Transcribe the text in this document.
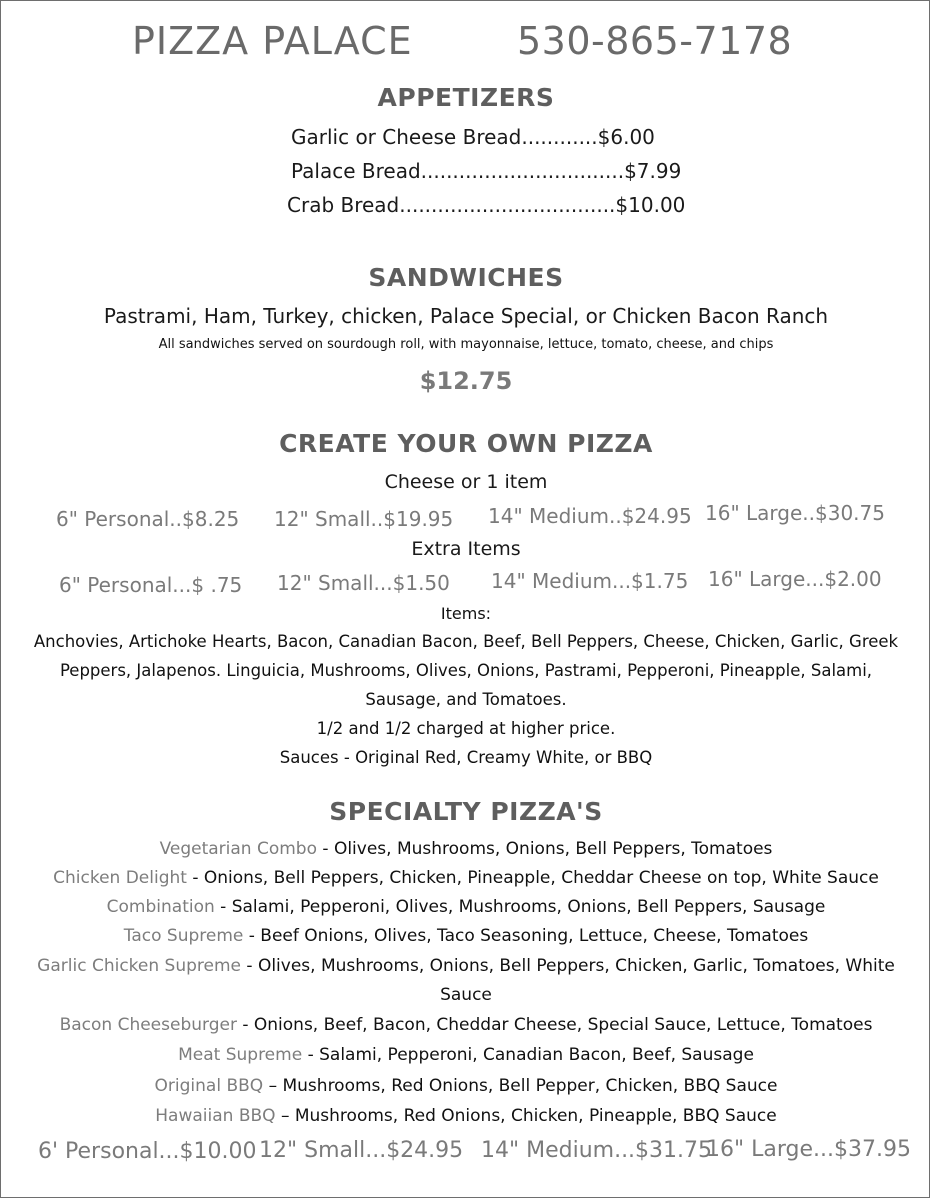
PIZZA PALACE	530-865-7178
APPETIZERS
Garlic or Cheese Bread............$6.00
Palace Bread................................$7.99
Crab Bread..................................$10.00
SANDWICHES
Pastrami, Ham, Turkey, chicken, Palace Special, or Chicken Bacon Ranch
All sandwiches served on sourdough roll, with mayonnaise, lettuce, tomato, cheese, and chips
$12.75
CREATE YOUR OWN PIZZA
Cheese or 1 item
6" Personal..$8.25 12" Small..$19.95 14" Medium..$24.95 16" Large..$30.75
Extra Items
6" Personal...$ .75 12" Small...$1.50 14" Medium...$1.75 16" Large...$2.00
Items:
Anchovies, Artichoke Hearts, Bacon, Canadian Bacon, Beef, Bell Peppers, Cheese, Chicken, Garlic, Greek
Peppers, Jalapenos. Linguicia, Mushrooms, Olives, Onions, Pastrami, Pepperoni, Pineapple, Salami,
Sausage, and Tomatoes.
1/2 and 1/2 charged at higher price.
Sauces - Original Red, Creamy White, or BBQ
SPECIALTY PIZZA'S
Vegetarian Combo - Olives, Mushrooms, Onions, Bell Peppers, Tomatoes
Chicken Delight - Onions, Bell Peppers, Chicken, Pineapple, Cheddar Cheese on top, White Sauce
Combination - Salami, Pepperoni, Olives, Mushrooms, Onions, Bell Peppers, Sausage
Taco Supreme - Beef Onions, Olives, Taco Seasoning, Lettuce, Cheese, Tomatoes
Garlic Chicken Supreme - Olives, Mushrooms, Onions, Bell Peppers, Chicken, Garlic, Tomatoes, White
Sauce
Bacon Cheeseburger - Onions, Beef, Bacon, Cheddar Cheese, Special Sauce, Lettuce, Tomatoes
Meat Supreme - Salami, Pepperoni, Canadian Bacon, Beef, Sausage
Original BBQ – Mushrooms, Red Onions, Bell Pepper, Chicken, BBQ Sauce
Hawaiian BBQ – Mushrooms, Red Onions, Chicken, Pineapple, BBQ Sauce
6' Personal...$10.00 12" Small...$24.95 14" Medium...$31.75
16" Large...$37.95
